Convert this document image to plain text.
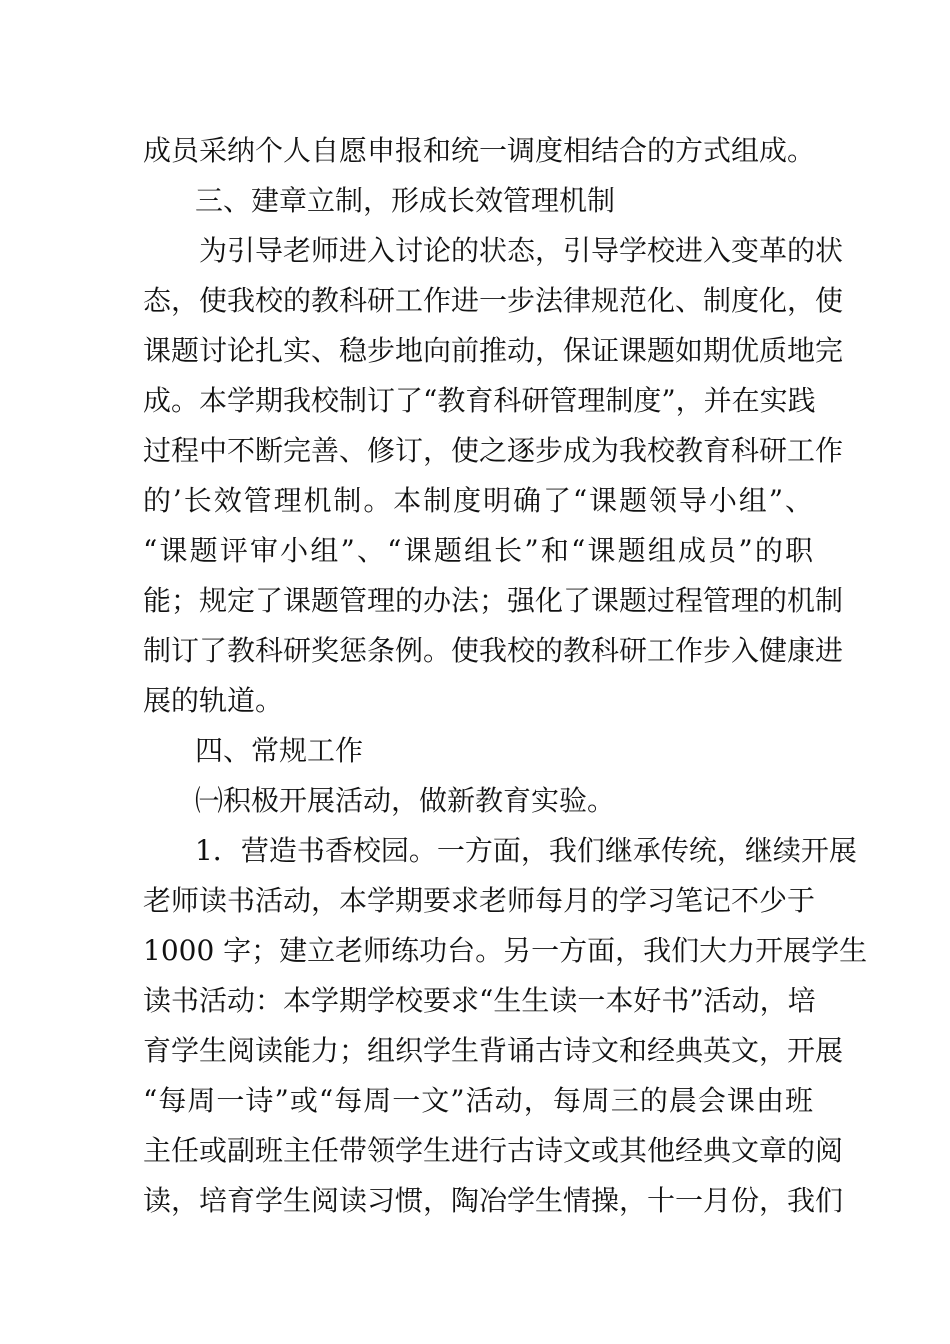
成员采纳个人自愿申报和统一调度相结合的方式组成。
三、建章立制，形成长效管理机制
为引导老师进入讨论的状态，引导学校进入变革的状
态，使我校的教科研工作进一步法律规范化、制度化，使
课题讨论扎实、稳步地向前推动，保证课题如期优质地完
成。本学期我校制订了“教育科研管理制度”，并在实践
过程中不断完善、修订，使之逐步成为我校教育科研工作
的’长效管理机制。本制度明确了“课题领导小组”、
“课题评审小组”、“课题组长”和“课题组成员”的职
能；规定了课题管理的办法；强化了课题过程管理的机制
制订了教科研奖惩条例。使我校的教科研工作步入健康进
展的轨道。
四、常规工作
㈠积极开展活动，做新教育实验。
1．营造书香校园。一方面，我们继承传统，继续开展
老师读书活动，本学期要求老师每月的学习笔记不少于
1000 字；建立老师练功台。另一方面，我们大力开展学生
读书活动：本学期学校要求“生生读一本好书”活动，培
育学生阅读能力；组织学生背诵古诗文和经典英文，开展
“每周一诗”或“每周一文”活动，每周三的晨会课由班
主任或副班主任带领学生进行古诗文或其他经典文章的阅
读，培育学生阅读习惯，陶冶学生情操，十一月份，我们
